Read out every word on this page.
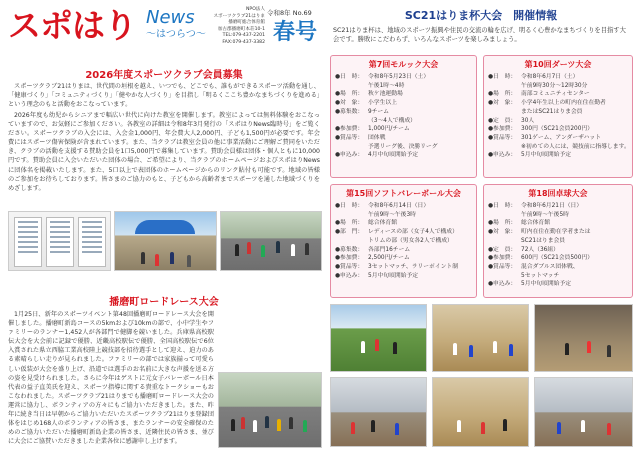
スポはり News
〜はつらつ〜
NPO法人
スポーツクラブ21はりま
播磨町総合体育館
加古郡播磨町本荘10-1
TEL:079-437-2201
FAX:079-437-3382
令和8年 No.69
春号
2026年度スポーツクラブ会員募集
スポーツクラブ21はりまは、世代間の垣根を越え、いつでも、どこでも、誰もができるスポーツ活動を通し、「健康づくり」「コミュニティづくり」「健やかな人づくり」を目指し「明るくここち豊かなまちづくりを進める」という理念のもと活動をおこなっています。
2026年度も幼児からシニアまで幅広い世代に向けた教室を開催します。教室によっては無料体験をおこなっていますので、お気軽にご参加ください。各教室の詳細は令和8年3月発行の「スポはりNews臨時号」をご覧ください。スポーツクラブの入会には、入会金1,000円、年会費大人2,000円、子ども1,500円が必要です。年会費にはスポーツ傷害保険が含まれています。また、当クラブは教室会員の他に事業活動にご理解ご賛同をいただき、クラブの活動を支援する賛助会員を1口5,000円で募集しています。賛助会員様は団体・個人ともに10,000円です。賛助会員に入会いただいた団体の場合、ご希望により、当クラブのホームページおよびスポはりNewsに団体名を掲載いたします。また、5口以上で表団体のホームページからのリンク貼付も可能です。地域の皆様のご参加をお待ちしております。皆さまのご協力のもと、子どもから高齢者までスポーツを通した地域づくりをめざします。
播磨町ロードレース大会
1月25日、新年のスポーツイベント第48回播磨町ロードレース大会を開催しました。播磨町新島コースの5kmおよび10kmの部で、小中学生やファミリーのランナー1,452人が各部門で健脚を競いました。兵庫県高校駅伝大会を大会前に記録で優勝、近畿高校駅伝で優勝、全国高校駅伝で6位入賞された県立西脇工業高校陸上競技部を招待選手として迎え、迫力のある素晴らしい走りが見られました。ファミリーの部では家族揃って可愛らしい仮装が大会を盛り上げ、沿道では選手のお名前に大きな声援を送る方の姿を見受けられました。さらに今年はゲストに元女子バレーボール日本代表の益子直美氏を迎え、スポーツ指導に関する貴重なトークショーもおこなわれました。スポーツクラブ21はりまでも播磨町ロードレース大会の運営に協力し、ボランティアの方々にもご協力いただきました。また、昨年に続き当日は早朝からご協力いただいたスポーツクラブ21はりま登録団体をはじめ168人のボランティアの皆さま、またランナーの安全確保のためのご協力いただいた播磨町新島企業の皆さま、近隣住民の皆さま、並びに大会にご協賛いただきました企業各位に感謝申し上げます。
SC21はりま杯大会　開催情報
SC21はりま杯は、地域のスポーツ振興や住民の交流の輪を広げ、明るく心豊かなまちづくりを目指す大会です。勝敗にこだわらず、いろんなスポーツを楽しみましょう。
第7回モルック大会
●日　時： 令和8年5月23日（土）
午後1時〜4時
●場　所： 秋ケ池運動場
●対　象： 小学生以上
●募集数： 9チーム
（3〜4人で構成）
●参加費： 1,000円/チーム
●賞品等： 団体戦
予選リーグ後、決勝リーグ
●申込み： 4月中旬頃開始予定
第10回ダーツ大会
●日　時： 令和8年6月7日（土）
午前9時30分〜12時30分
●場　所： 南部コミュニティセンター
●対　象： 小学4年生以上の町内在住在勤者
またはSC21はりま会員
●定　員： 30人
●参加費： 300円（SC21会員200円）
●賞品等： 301ゲーム、アンダーザハット
※初めての人には、競技前に指導します。
●申込み： 5月中旬頃開始予定
第15回ソフトバレーボール大会
●日　時： 令和8年6月14日（日）
午前9時〜午後3時
●場　所： 総合体育館
●部　門： レディースの部（女子4人で構成）
トリムの部（男女各2人で構成）
●募集数： 各部門16チーム
●参加費： 2,500円/チーム
●賞品等： 3セットマッチ、ラリーポイント制
●申込み： 5月中旬頃開始予定
第18回卓球大会
●日　時： 令和8年6月21日（日）
午前9時〜午後5時
●場　所： 総合体育館
●対　象： 町内在住在勤在学者または
SC21はりま会員
●定　員： 72人（36組）
●参加費： 600円（SC21会員500円）
●賞品等： 混合ダブルス団体戦、
5セットマッチ
●申込み： 5月中旬頃開始予定
